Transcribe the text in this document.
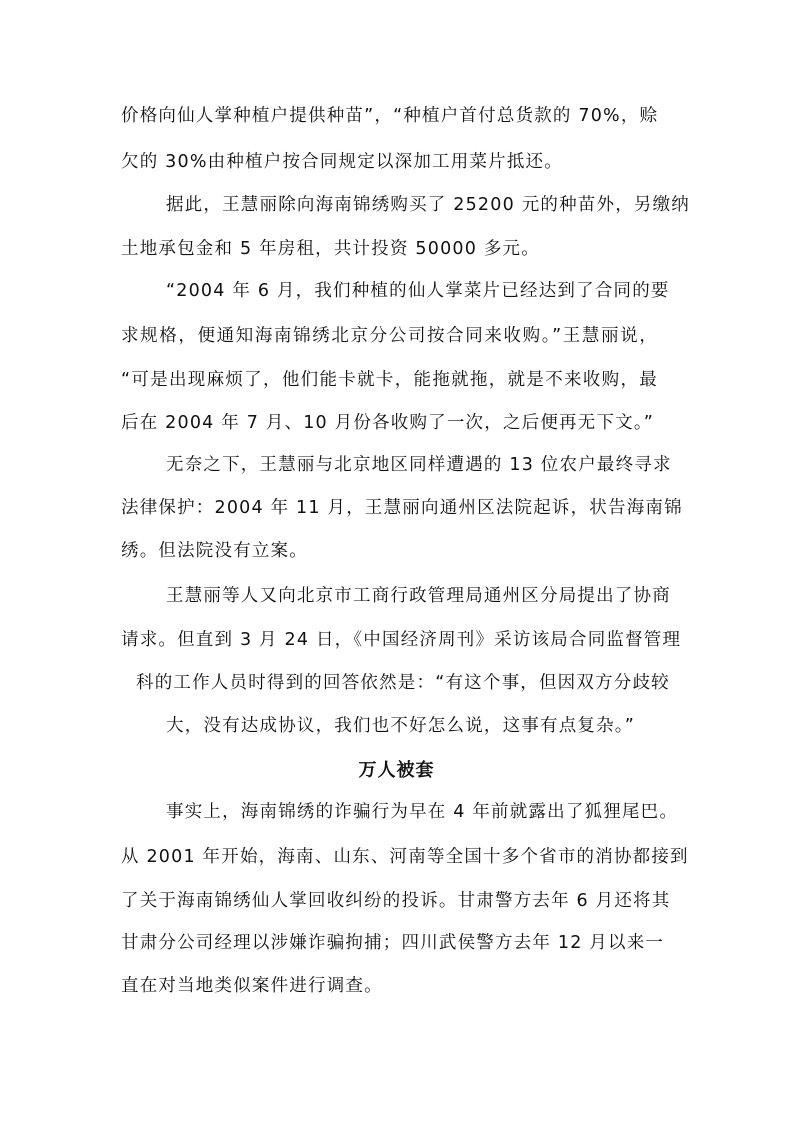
价格向仙人掌种植户提供种苗”，“种植户首付总货款的 70%，赊
欠的 30%由种植户按合同规定以深加工用菜片抵还。
据此，王慧丽除向海南锦绣购买了 25200 元的种苗外，另缴纳
土地承包金和 5 年房租，共计投资 50000 多元。
“2004 年 6 月，我们种植的仙人掌菜片已经达到了合同的要
求规格，便通知海南锦绣北京分公司按合同来收购。”王慧丽说，
“可是出现麻烦了，他们能卡就卡，能拖就拖，就是不来收购，最
后在 2004 年 7 月、10 月份各收购了一次，之后便再无下文。”
无奈之下，王慧丽与北京地区同样遭遇的 13 位农户最终寻求
法律保护：2004 年 11 月，王慧丽向通州区法院起诉，状告海南锦
绣。但法院没有立案。
王慧丽等人又向北京市工商行政管理局通州区分局提出了协商
请求。但直到 3 月 24 日，《中国经济周刊》采访该局合同监督管理
科的工作人员时得到的回答依然是：“有这个事，但因双方分歧较
大，没有达成协议，我们也不好怎么说，这事有点复杂。”
万人被套
事实上，海南锦绣的诈骗行为早在 4 年前就露出了狐狸尾巴。
从 2001 年开始，海南、山东、河南等全国十多个省市的消协都接到
了关于海南锦绣仙人掌回收纠纷的投诉。甘肃警方去年 6 月还将其
甘肃分公司经理以涉嫌诈骗拘捕；四川武侯警方去年 12 月以来一
直在对当地类似案件进行调查。
